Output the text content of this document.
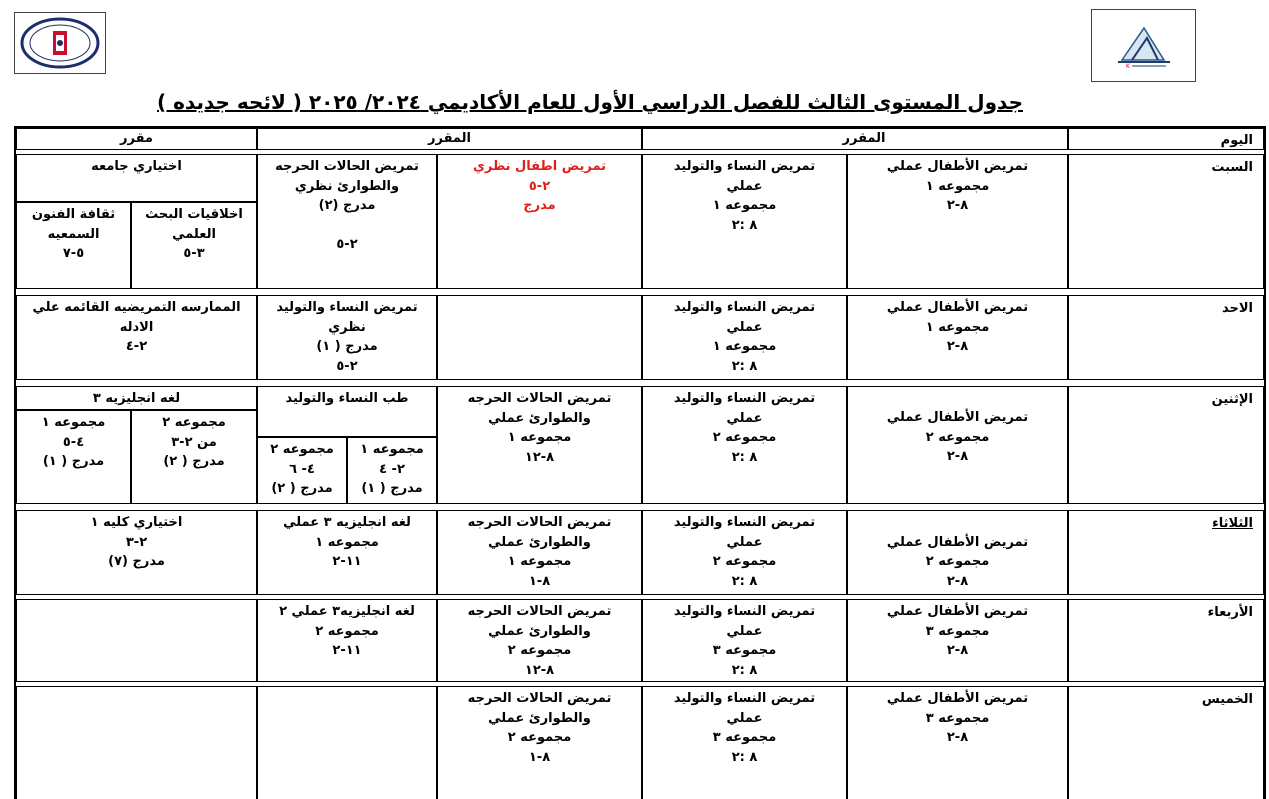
K
جدول المستوى الثالث للفصل الدراسي الأول للعام الأكاديمي ٢٠٢٤/ ٢٠٢٥ ( لائحه جديده )
اليوم
المقرر
المقرر
مقرر
السبت
تمريض الأطفال عملي
مجموعه ١
٨-٢
تمريض النساء والتوليد
عملي
مجموعه ١
٨ :٢
تمريض اطفال نظري
٢-٥
مدرج
تمريض الحالات الحرجه
والطوارئ نظري
مدرج (٢)

٢-٥
اختياري جامعه
اخلاقيات البحث
العلمي
٣-٥
ثقافة الفنون
السمعيه
٥-٧
الاحد
تمريض الأطفال عملي
مجموعه ١
٨-٢
تمريض النساء والتوليد
عملي
مجموعه ١
٨ :٢
تمريض النساء والتوليد
نظري
مدرج ( ١)
٢-٥
الممارسه التمريضيه القائمه علي
الادله
٢-٤
الإثنين
تمريض الأطفال عملي
مجموعه ٢
٨-٢
تمريض النساء والتوليد
عملي
مجموعه ٢
٨ :٢
تمريض الحالات الحرجه
والطوارئ عملي
مجموعه ١
٨-١٢
طب النساء والتوليد
مجموعه ١
٢- ٤
مدرج ( ١)
مجموعه ٢
٤- ٦
مدرج ( ٢)
لغه انجليزيه ٣
مجموعه ٢
من ٢-٣
مدرج ( ٢)
مجموعه ١
٤-٥
مدرج ( ١)
الثلاثاء

تمريض الأطفال عملي
مجموعه ٢
٨-٢
تمريض النساء والتوليد
عملي
مجموعه ٢
٨ :٢
تمريض الحالات الحرجه
والطوارئ عملي
مجموعه ١
٨-١
لغه انجليزيه ٣ عملي
مجموعه ١
١١-٢
اختياري كليه ١
٢-٣
مدرج (٧)
الأربعاء
تمريض الأطفال عملي
مجموعه ٣
٨-٢
تمريض النساء والتوليد
عملي
مجموعه ٣
٨ :٢
تمريض الحالات الحرجه
والطوارئ عملي
مجموعه ٢
٨-١٢
لغه انجليزيه٣ عملي ٢
مجموعه ٢
١١-٢
الخميس
تمريض الأطفال عملي
مجموعه ٣
٨-٢
تمريض النساء والتوليد
عملي
مجموعه ٣
٨ :٢
تمريض الحالات الحرجه
والطوارئ عملي
مجموعه ٢
٨-١
